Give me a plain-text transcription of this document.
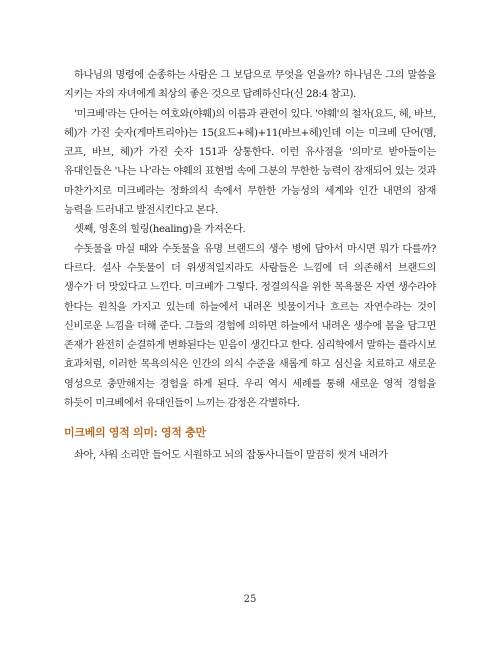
하나님의 명령에 순종하는 사람은 그 보답으로 무엇을 얻을까? 하나님은 그의 말씀을 지키는 자의 자녀에게 최상의 좋은 것으로 답례하신다(신 28:4 참고).

'미크베'라는 단어는 여호와(야훼)의 이름과 관련이 있다. '야훼'의 철자(요드, 헤, 바브, 헤)가 가진 숫자(게마트리아)는 15(요드+헤)+11(바브+헤)인데 이는 미크베 단어(멤, 코프, 바브, 헤)가 가진 숫자 151과 상통한다. 이런 유사점을 '의미'로 받아들이는 유대인들은 '나는 나'라는 야훼의 표현법 속에 그분의 무한한 능력이 잠재되어 있는 것과 마찬가지로 미크베라는 정화의식 속에서 무한한 가능성의 세계와 인간 내면의 잠재 능력을 드러내고 발전시킨다고 본다.

셋째, 영혼의 힐링(healing)을 가져온다.

수돗물을 마실 때와 수돗물을 유명 브랜드의 생수 병에 담아서 마시면 뭐가 다를까? 다르다. 설사 수돗물이 더 위생적일지라도 사람들은 느낌에 더 의존해서 브랜드의 생수가 더 맛있다고 느낀다. 미크베가 그렇다. 정결의식을 위한 목욕물은 자연 생수라야 한다는 원칙을 가지고 있는데 하늘에서 내려온 빗물이거나 흐르는 자연수라는 것이 신비로운 느낌을 더해 준다. 그들의 경험에 의하면 하늘에서 내려온 생수에 몸을 담그면 존재가 완전히 순결하게 변화된다는 믿음이 생긴다고 한다. 심리학에서 말하는 플라시보 효과처럼, 이러한 목욕의식은 인간의 의식 수준을 새롭게 하고 심신을 치료하고 새로운 영성으로 충만해지는 경험을 하게 된다. 우리 역시 세례를 통해 새로운 영적 경험을 하듯이 미크베에서 유대인들이 느끼는 감정은 각별하다.

미크베의 영적 의미: 영적 충만

솨아, 샤워 소리만 들어도 시원하고 뇌의 잡동사니들이 말끔히 씻겨 내려가

25
